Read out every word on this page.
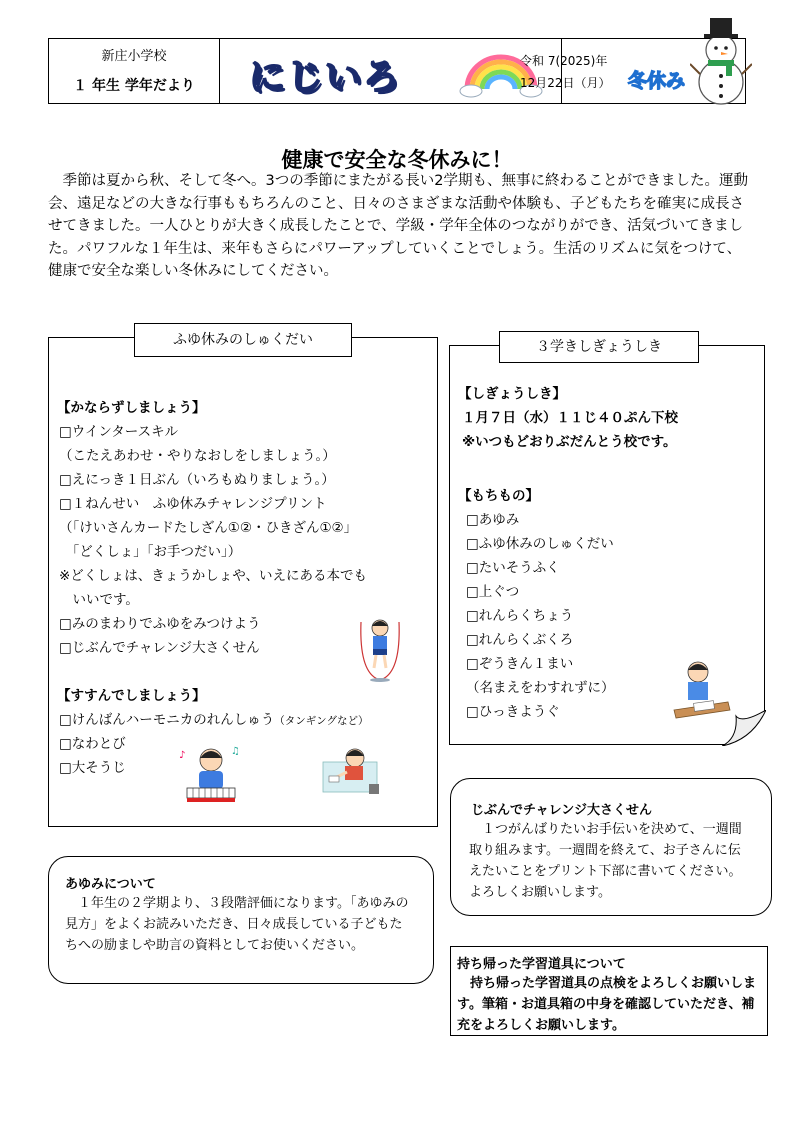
新庄小学校
１ 年生 学年だより	にじいろ	令和 7(2025)年
12月22日（月） 冬休み
健康で安全な冬休みに！
季節は夏から秋、そして冬へ。3つの季節にまたがる長い2学期も、無事に終わることができました。運動会、遠足などの大きな行事ももちろんのこと、日々のさまざまな活動や体験も、子どもたちを確実に成長させてきました。一人ひとりが大きく成長したことで、学級・学年全体のつながりができ、活気づいてきました。パワフルな１年生は、来年もさらにパワーアップしていくことでしょう。生活のリズムに気をつけて、健康で安全な楽しい冬休みにしてください。
【かならずしましょう】
□ウインタースキル
（こたえあわせ・やりなおしをしましょう。）
□えにっき１日ぶん（いろもぬりましょう。）
□１ねんせい　ふゆ休みチャレンジプリント
（「けいさんカードたしざん①②・ひきざん①②」
　「どくしょ」「お手つだい」）
※どくしょは、きょうかしょや、いえにある本でも
　いいです。
□みのまわりでふゆをみつけよう
□じぶんでチャレンジ大さくせん
【すすんでしましょう】
□けんばんハーモニカのれんしゅう（タンギングなど）
□なわとび
□大そうじ
♪	♫
ふゆ休みのしゅくだい
【しぎょうしき】
１月７日（水）１１じ４０ぷん下校
※いつもどおりぶだんとう校です。
【もちもの】
□あゆみ
□ふゆ休みのしゅくだい
□たいそうふく
□上ぐつ
□れんらくちょう
□れんらくぶくろ
□ぞうきん１まい
（名まえをわすれずに）
□ひっきようぐ
３学きしぎょうしき
じぶんでチャレンジ大さくせん
１つがんばりたいお手伝いを決めて、一週間取り組みます。一週間を終えて、お子さんに伝えたいことをプリント下部に書いてください。よろしくお願いします。
あゆみについて
１年生の２学期より、３段階評価になります。「あゆみの見方」をよくお読みいただき、日々成長している子どもたちへの励ましや助言の資料としてお使いください。
持ち帰った学習道具について
持ち帰った学習道具の点検をよろしくお願いします。筆箱・お道具箱の中身を確認していただき、補充をよろしくお願いします。
